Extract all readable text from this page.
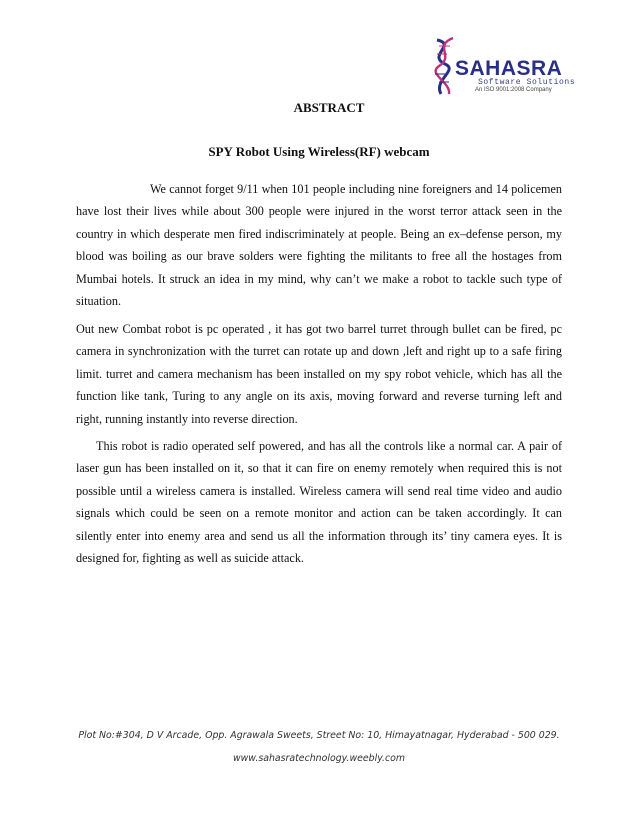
SAHASRA
Software Solutions
An ISO 9001:2008 Company
ABSTRACT
SPY Robot Using Wireless(RF) webcam

We cannot forget 9/11 when 101 people including nine foreigners and 14 policemen have lost their lives while about 300 people were injured in the worst terror attack seen in the country in which desperate men fired indiscriminately at people. Being an ex–defense person, my blood was boiling as our brave solders were fighting the militants to free all the hostages from Mumbai hotels. It struck an idea in my mind, why can’t we make a robot to tackle such type of situation.

Out new Combat robot is pc operated , it has got two barrel turret through bullet can be fired, pc camera in synchronization with the turret can rotate up and down ,left and right up to a safe firing limit. turret and camera mechanism has been installed on my spy robot vehicle, which has all the function like tank, Turing to any angle on its axis, moving forward and reverse turning left and right, running instantly into reverse direction.

This robot is radio operated self powered, and has all the controls like a normal car. A pair of laser gun has been installed on it, so that it can fire on enemy remotely when required this is not possible until a wireless camera is installed. Wireless camera will send real time video and audio signals which could be seen on a remote monitor and action can be taken accordingly. It can silently enter into enemy area and send us all the information through its’ tiny camera eyes. It is designed for, fighting as well as suicide attack.

Plot No:#304, D V Arcade, Opp. Agrawala Sweets, Street No: 10, Himayatnagar, Hyderabad - 500 029.
www.sahasratechnology.weebly.com
